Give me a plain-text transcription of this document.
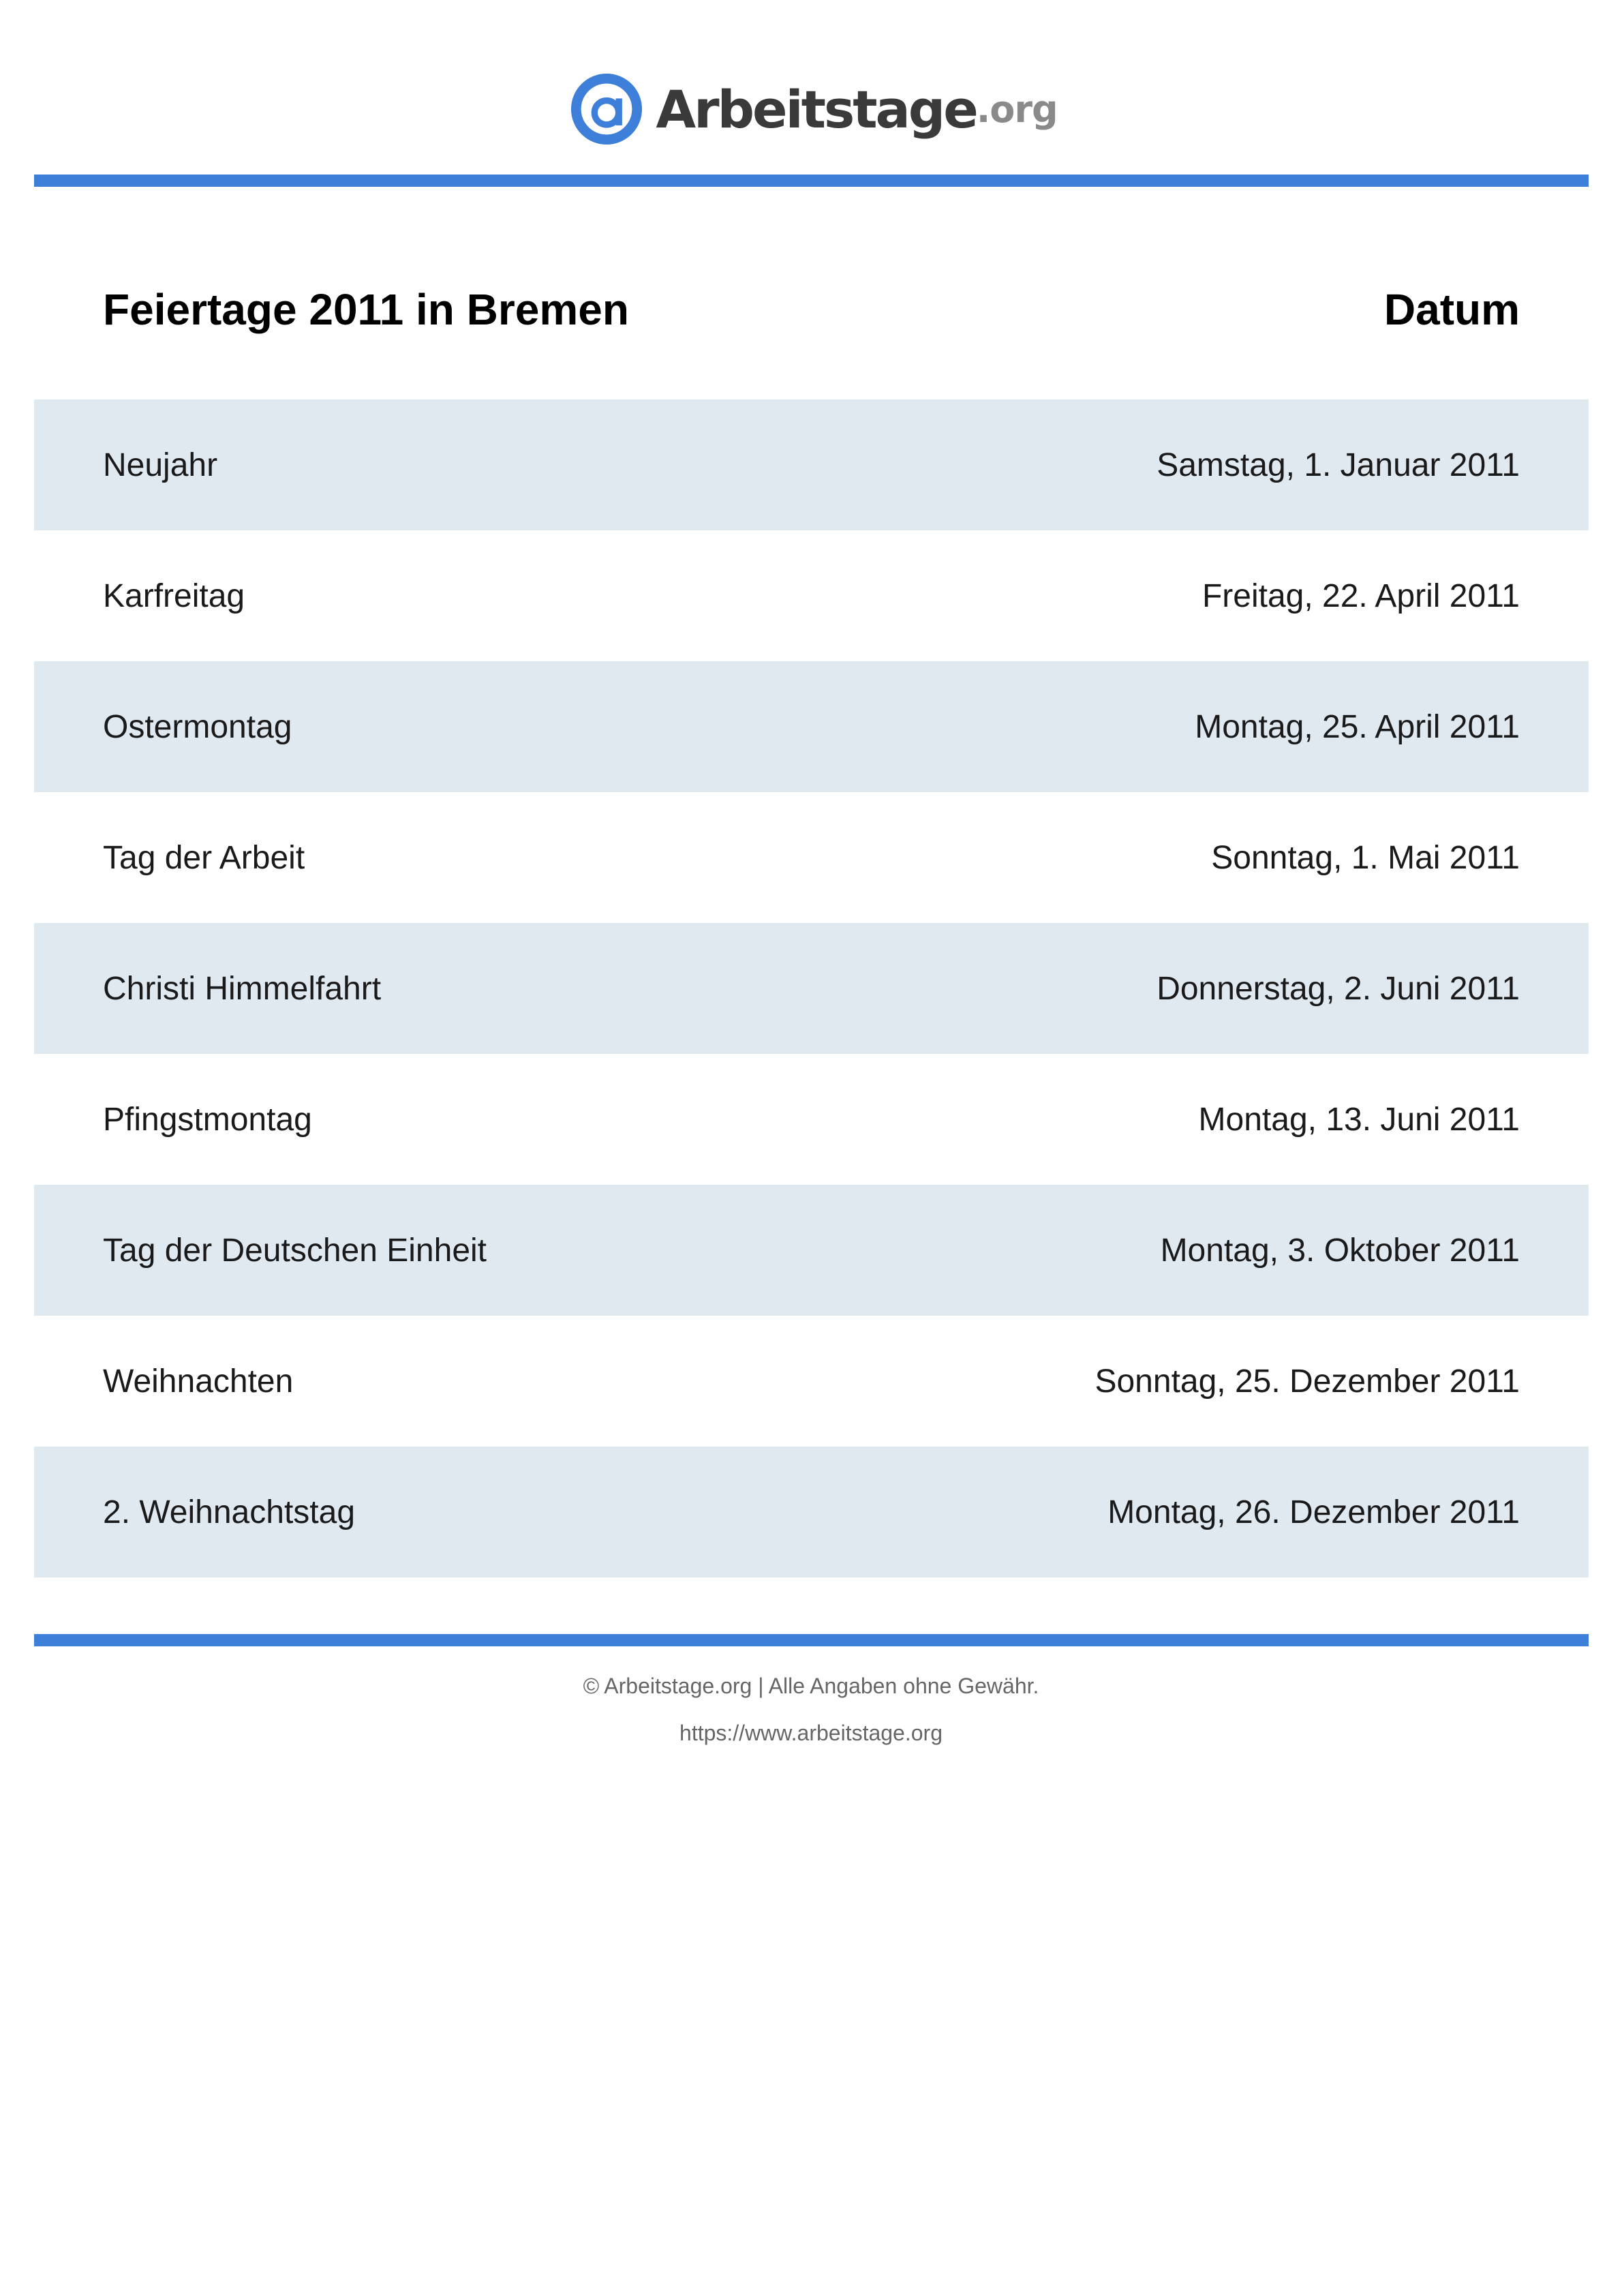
Arbeitstage .org
Feiertage 2011 in Bremen	Datum
Neujahr	Samstag, 1. Januar 2011
Karfreitag	Freitag, 22. April 2011
Ostermontag	Montag, 25. April 2011
Tag der Arbeit	Sonntag, 1. Mai 2011
Christi Himmelfahrt	Donnerstag, 2. Juni 2011
Pfingstmontag	Montag, 13. Juni 2011
Tag der Deutschen Einheit	Montag, 3. Oktober 2011
Weihnachten	Sonntag, 25. Dezember 2011
2. Weihnachtstag	Montag, 26. Dezember 2011
© Arbeitstage.org | Alle Angaben ohne Gewähr.
https://www.arbeitstage.org
